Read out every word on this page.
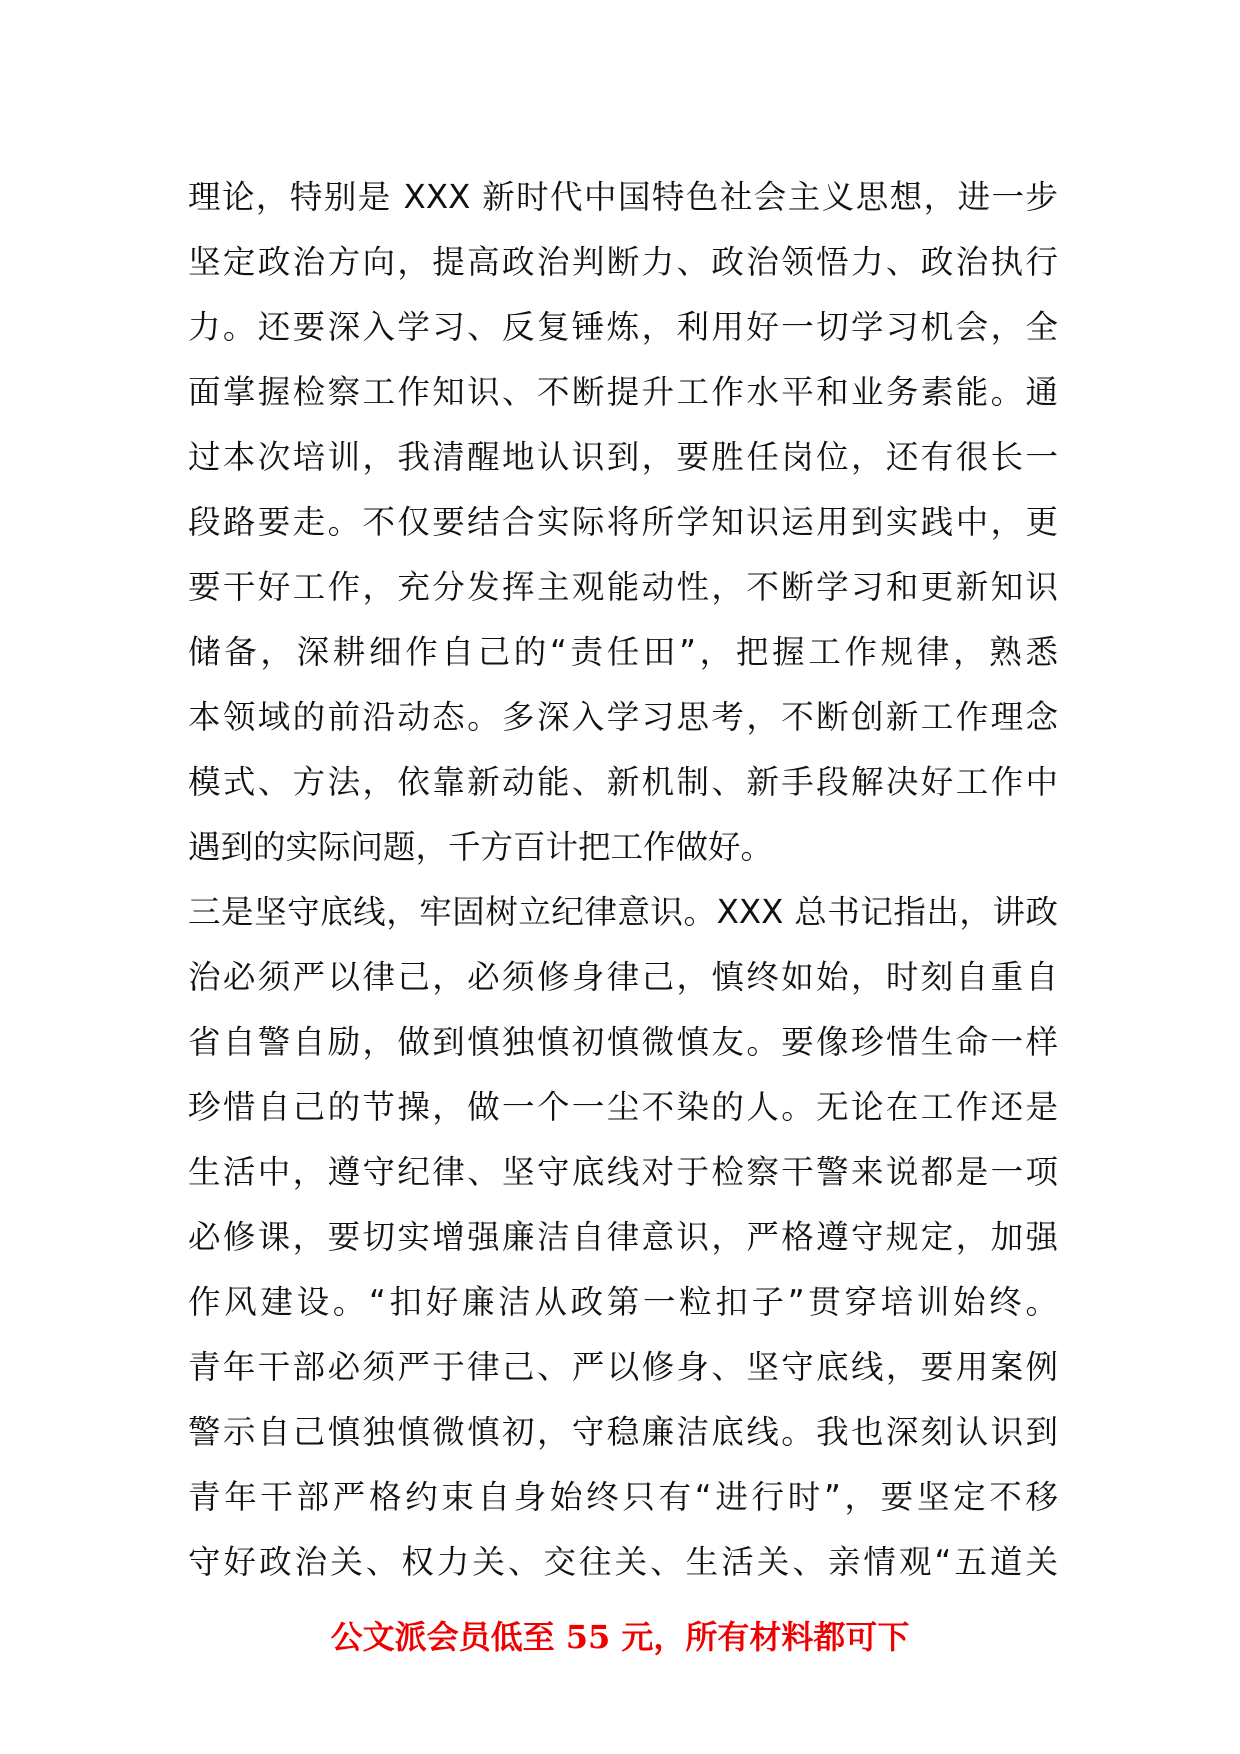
理论，特别是 XXX 新时代中国特色社会主义思想，进一步
坚定政治方向，提高政治判断力、政治领悟力、政治执行
力。还要深入学习、反复锤炼，利用好一切学习机会，全
面掌握检察工作知识、不断提升工作水平和业务素能。通
过本次培训，我清醒地认识到，要胜任岗位，还有很长一
段路要走。不仅要结合实际将所学知识运用到实践中，更
要干好工作，充分发挥主观能动性，不断学习和更新知识
储备，深耕细作自己的“责任田”，把握工作规律，熟悉
本领域的前沿动态。多深入学习思考，不断创新工作理念
模式、方法，依靠新动能、新机制、新手段解决好工作中
遇到的实际问题，千方百计把工作做好。
三是坚守底线，牢固树立纪律意识。XXX 总书记指出，讲政
治必须严以律己，必须修身律己，慎终如始，时刻自重自
省自警自励，做到慎独慎初慎微慎友。要像珍惜生命一样
珍惜自己的节操，做一个一尘不染的人。无论在工作还是
生活中，遵守纪律、坚守底线对于检察干警来说都是一项
必修课，要切实增强廉洁自律意识，严格遵守规定，加强
作风建设。“扣好廉洁从政第一粒扣子”贯穿培训始终。
青年干部必须严于律己、严以修身、坚守底线，要用案例
警示自己慎独慎微慎初，守稳廉洁底线。我也深刻认识到
青年干部严格约束自身始终只有“进行时”，要坚定不移
守好政治关、权力关、交往关、生活关、亲情观“五道关
公文派会员低至 55 元，所有材料都可下
